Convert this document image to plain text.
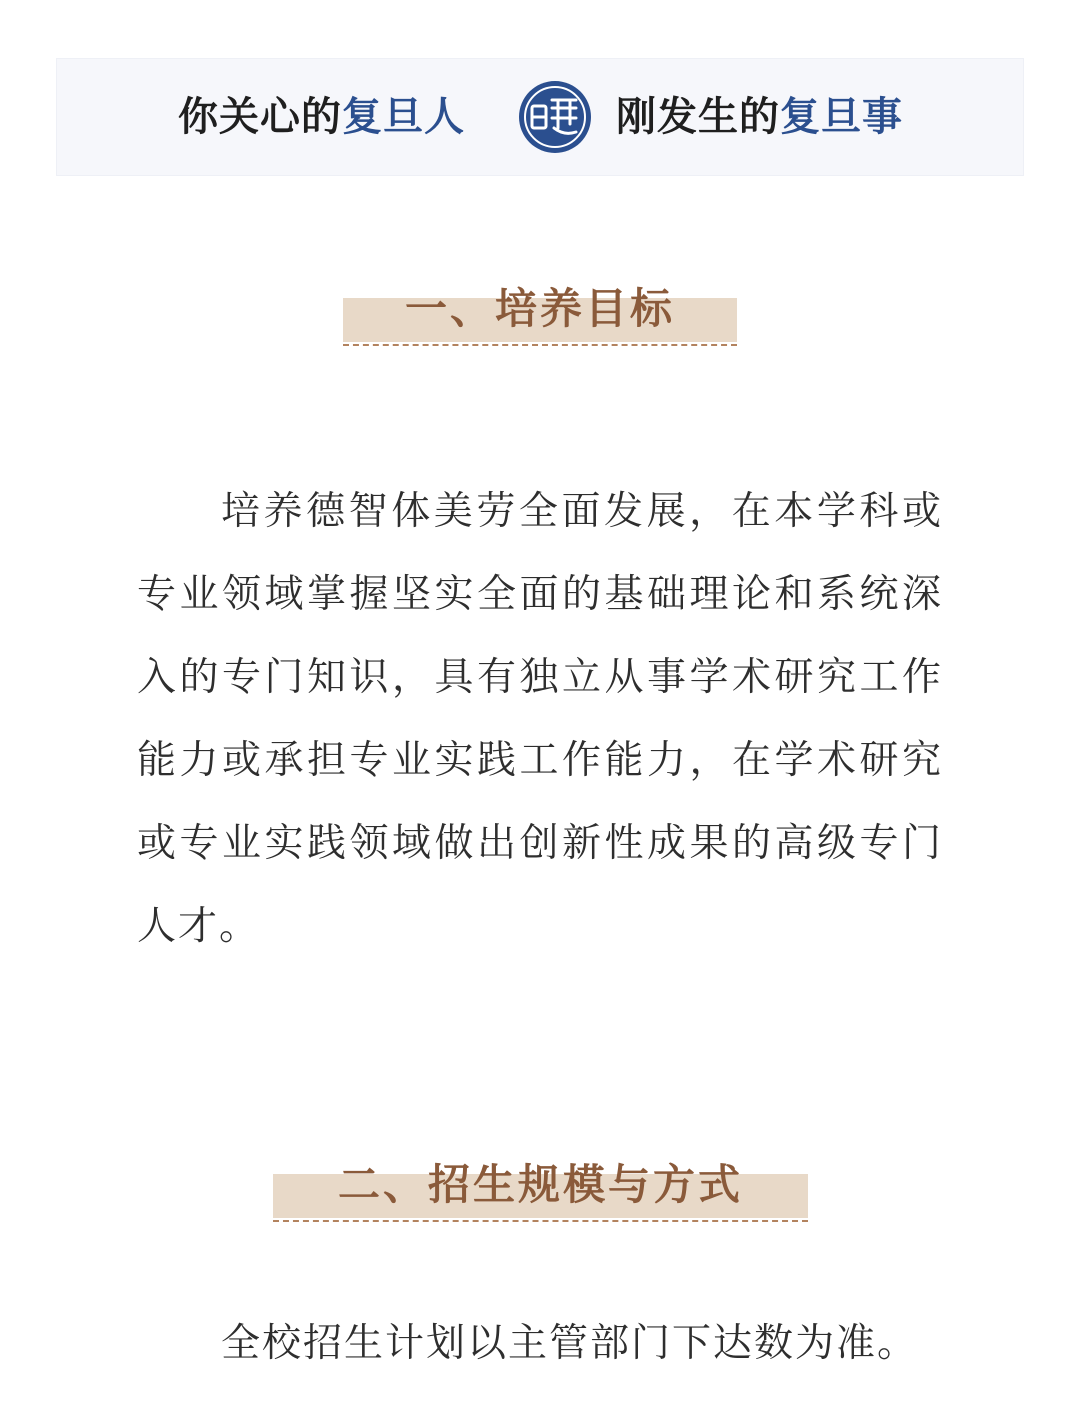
你关心的复旦人	刚发生的复旦事
一、培养目标
培养德智体美劳全面发展，在本学科或专业领域掌握坚实全面的基础理论和系统深入的专门知识，具有独立从事学术研究工作能力或承担专业实践工作能力，在学术研究或专业实践领域做出创新性成果的高级专门人才。
二、招生规模与方式
全校招生计划以主管部门下达数为准。
